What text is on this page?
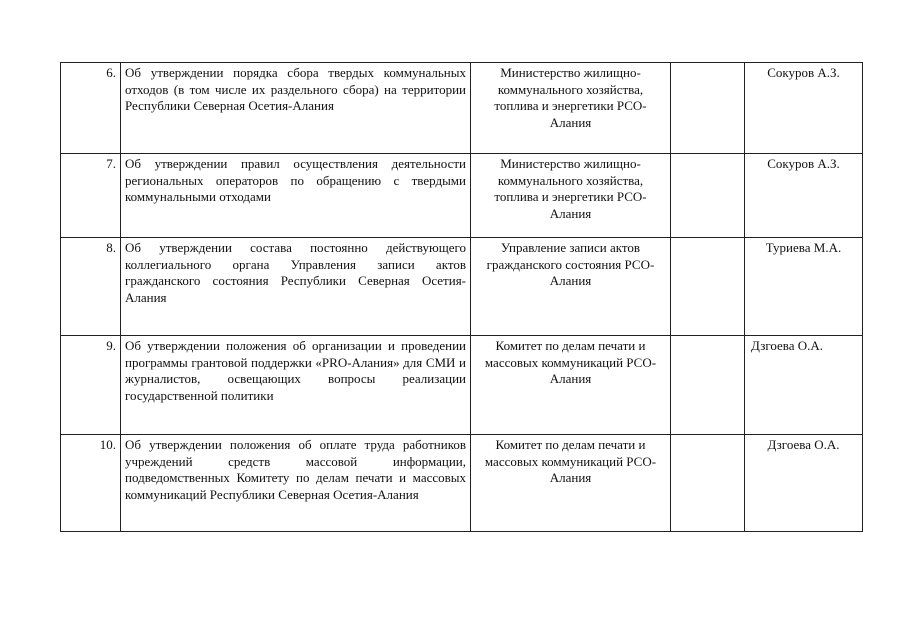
6.	Об утверждении порядка сбора твердых коммунальных отходов (в том числе их раздельного сбора) на территории Республики Северная Осетия-Алания	Министерство жилищно-коммунального хозяйства, топлива и энергетики РСО-Алания		Сокуров А.З.
7.	Об утверждении правил осуществления деятельности региональных операторов по обращению с твердыми коммунальными отходами	Министерство жилищно-коммунального хозяйства, топлива и энергетики РСО-Алания		Сокуров А.З.
8.	Об утверждении состава постоянно действующего коллегиального органа Управления записи актов гражданского состояния Республики Северная Осетия-Алания	Управление записи актов гражданского состояния РСО-Алания		Туриева М.А.
9.	Об утверждении положения об организации и проведении программы грантовой поддержки «PRO-Алания» для СМИ и журналистов, освещающих вопросы реализации государственной политики	Комитет по делам печати и массовых коммуникаций РСО-Алания		Дзгоева О.А.
10.	Об утверждении положения об оплате труда работников учреждений средств массовой информации, подведомственных Комитету по делам печати и массовых коммуникаций Республики Северная Осетия-Алания	Комитет по делам печати и массовых коммуникаций РСО-Алания		Дзгоева О.А.
